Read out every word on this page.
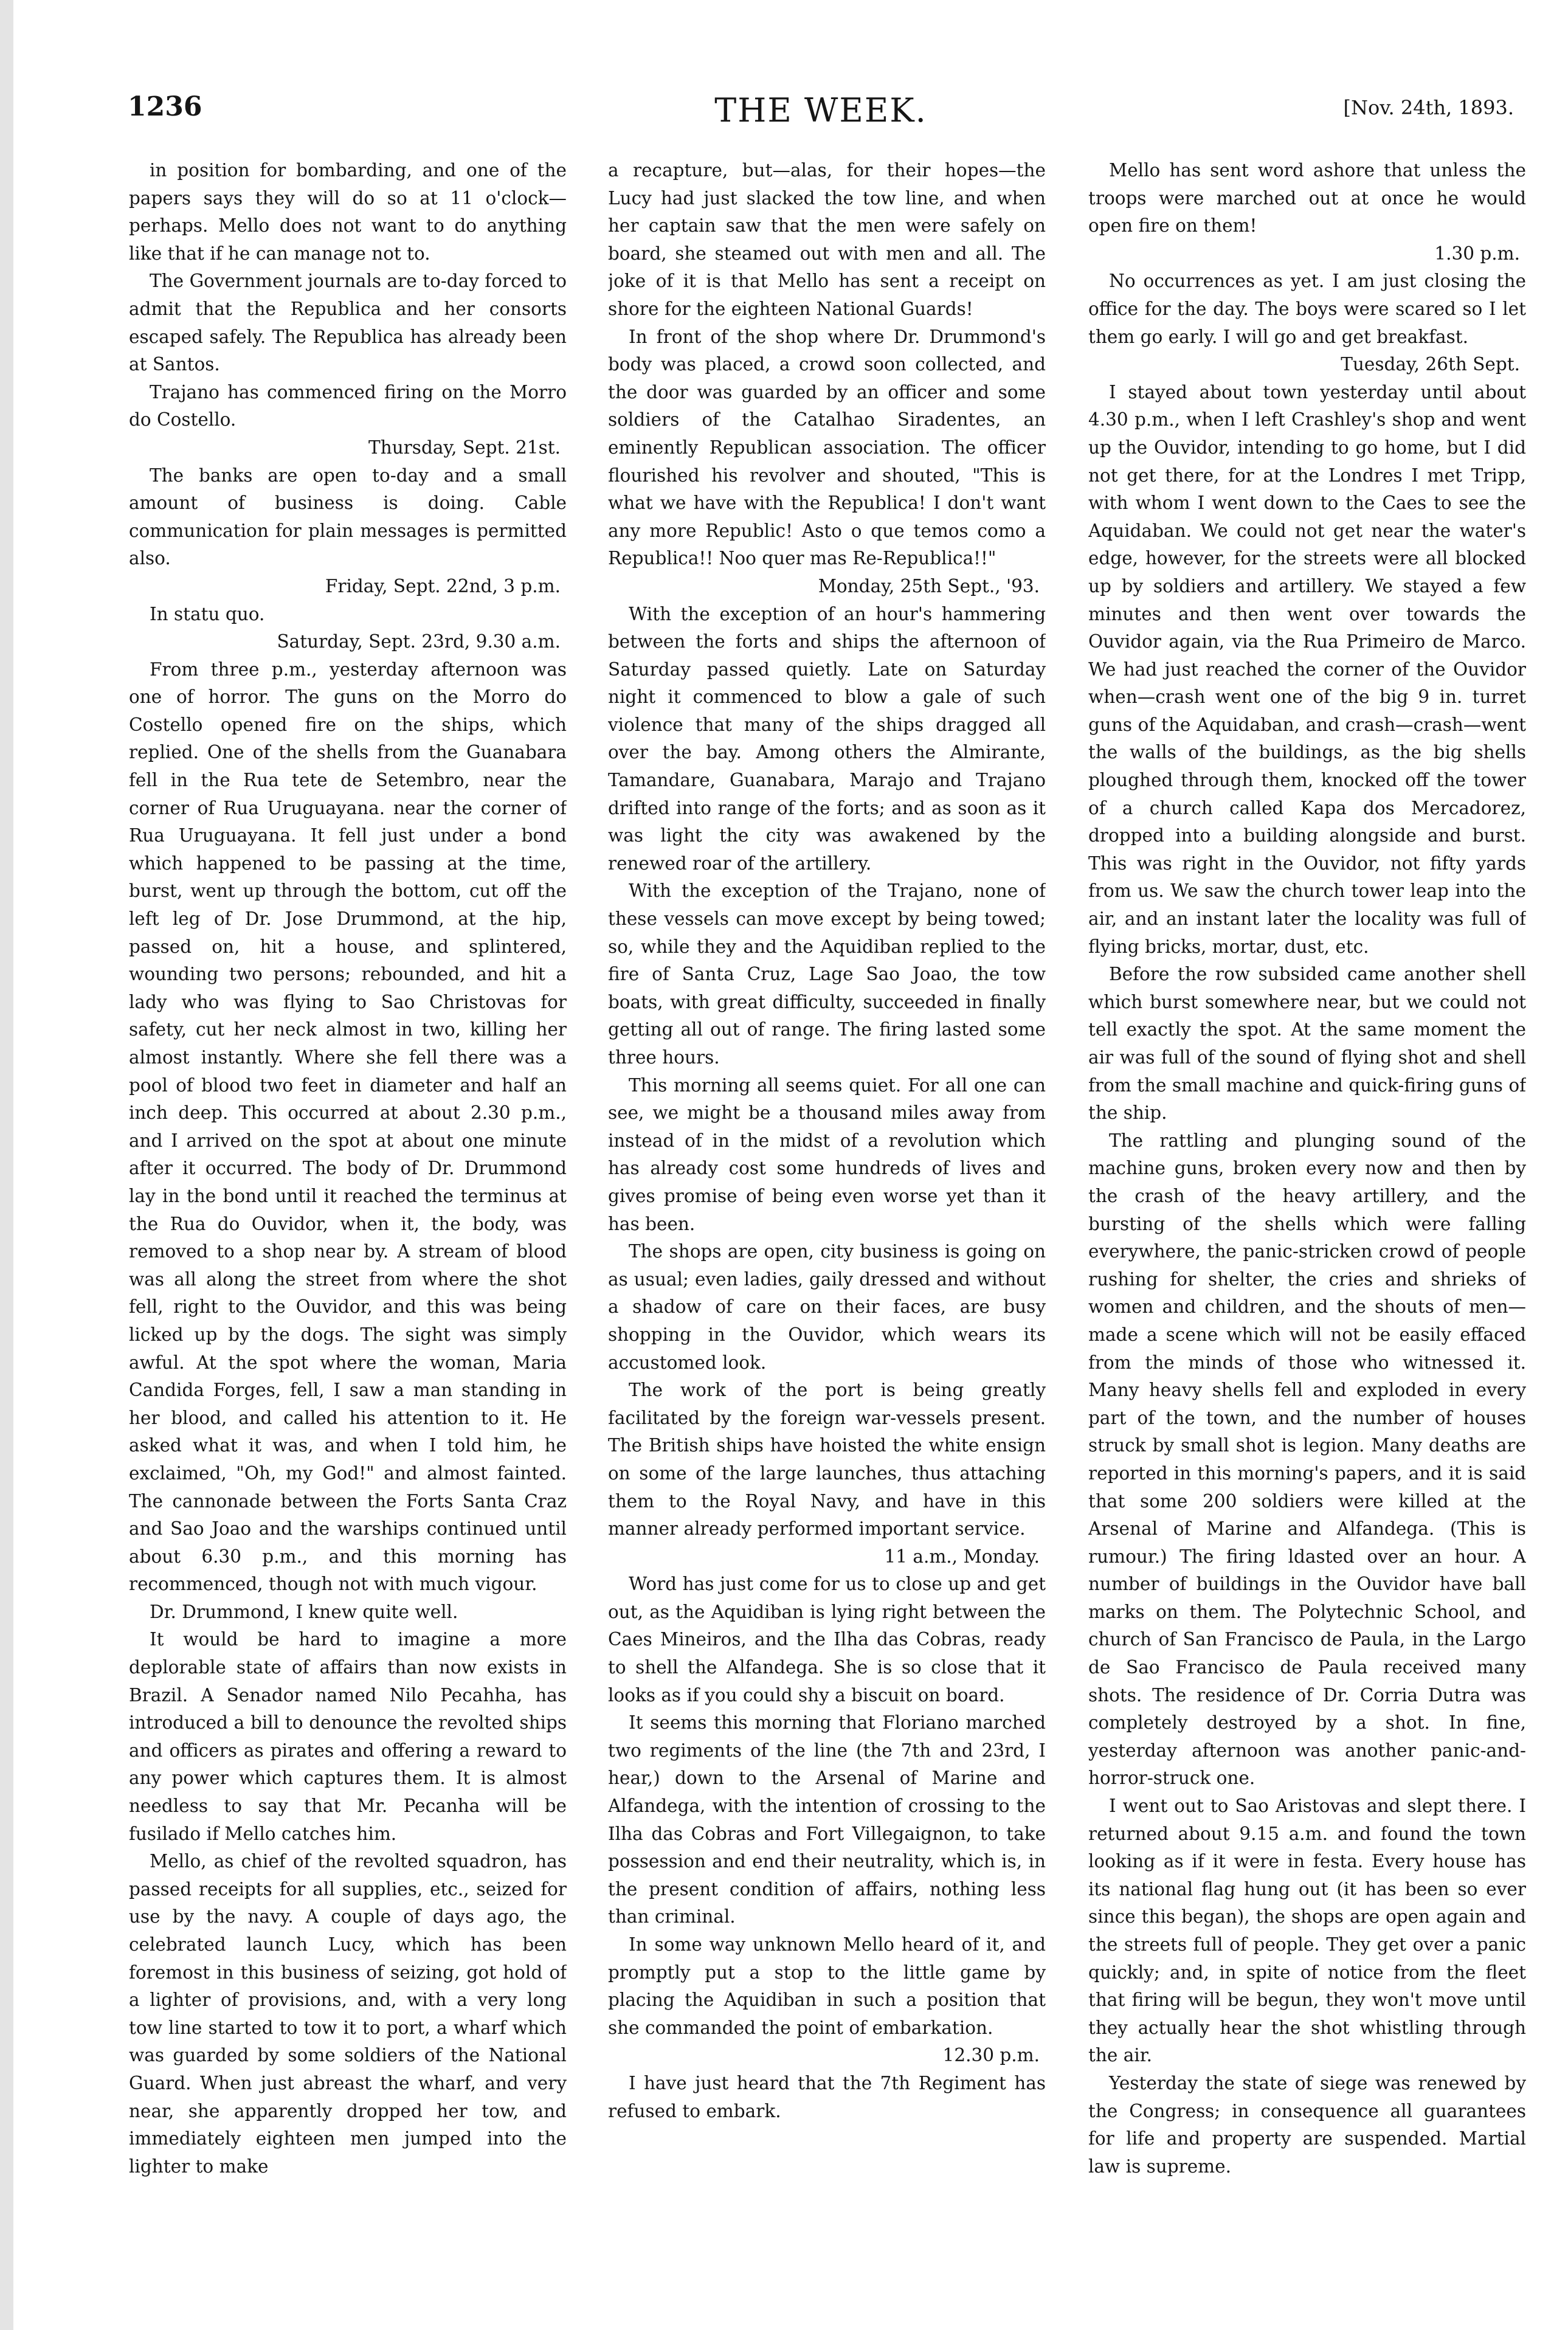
1236	THE WEEK.	[Nov. 24th, 1893.

in position for bombarding, and one of the papers says they will do so at 11 o'clock—perhaps. Mello does not want to do anything like that if he can manage not to.

The Government journals are to-day forced to admit that the Republica and her consorts escaped safely. The Republica has already been at Santos.

Trajano has commenced firing on the Morro do Costello.

Thursday, Sept. 21st.

The banks are open to-day and a small amount of business is doing. Cable communication for plain messages is permitted also.

Friday, Sept. 22nd, 3 p.m.

In statu quo.

Saturday, Sept. 23rd, 9.30 a.m.

From three p.m., yesterday afternoon was one of horror. The guns on the Morro do Costello opened fire on the ships, which replied. One of the shells from the Guanabara fell in the Rua tete de Setembro, near the corner of Rua Uruguayana. near the corner of Rua Uruguayana. It fell just under a bond which happened to be passing at the time, burst, went up through the bottom, cut off the left leg of Dr. Jose Drummond, at the hip, passed on, hit a house, and splintered, wounding two persons; rebounded, and hit a lady who was flying to Sao Christovas for safety, cut her neck almost in two, killing her almost instantly. Where she fell there was a pool of blood two feet in diameter and half an inch deep. This occurred at about 2.30 p.m., and I arrived on the spot at about one minute after it occurred. The body of Dr. Drummond lay in the bond until it reached the terminus at the Rua do Ouvidor, when it, the body, was removed to a shop near by. A stream of blood was all along the street from where the shot fell, right to the Ouvidor, and this was being licked up by the dogs. The sight was simply awful. At the spot where the woman, Maria Candida Forges, fell, I saw a man standing in her blood, and called his attention to it. He asked what it was, and when I told him, he exclaimed, "Oh, my God!" and almost fainted. The cannonade between the Forts Santa Craz and Sao Joao and the warships continued until about 6.30 p.m., and this morning has recommenced, though not with much vigour.

Dr. Drummond, I knew quite well.

It would be hard to imagine a more deplorable state of affairs than now exists in Brazil. A Senador named Nilo Pecahha, has introduced a bill to denounce the revolted ships and officers as pirates and offering a reward to any power which captures them. It is almost needless to say that Mr. Pecanha will be fusilado if Mello catches him.

Mello, as chief of the revolted squadron, has passed receipts for all supplies, etc., seized for use by the navy. A couple of days ago, the celebrated launch Lucy, which has been foremost in this business of seizing, got hold of a lighter of provisions, and, with a very long tow line started to tow it to port, a wharf which was guarded by some soldiers of the National Guard. When just abreast the wharf, and very near, she apparently dropped her tow, and immediately eighteen men jumped into the lighter to make

a recapture, but—alas, for their hopes—the Lucy had just slacked the tow line, and when her captain saw that the men were safely on board, she steamed out with men and all. The joke of it is that Mello has sent a receipt on shore for the eighteen National Guards!

In front of the shop where Dr. Drummond's body was placed, a crowd soon collected, and the door was guarded by an officer and some soldiers of the Catalhao Siradentes, an eminently Republican association. The officer flourished his revolver and shouted, "This is what we have with the Republica! I don't want any more Republic! Asto o que temos como a Republica!! Noo quer mas Re-Republica!!"

Monday, 25th Sept., '93.

With the exception of an hour's hammering between the forts and ships the afternoon of Saturday passed quietly. Late on Saturday night it commenced to blow a gale of such violence that many of the ships dragged all over the bay. Among others the Almirante, Tamandare, Guanabara, Marajo and Trajano drifted into range of the forts; and as soon as it was light the city was awakened by the renewed roar of the artillery.

With the exception of the Trajano, none of these vessels can move except by being towed; so, while they and the Aquidiban replied to the fire of Santa Cruz, Lage Sao Joao, the tow boats, with great difficulty, succeeded in finally getting all out of range. The firing lasted some three hours.

This morning all seems quiet. For all one can see, we might be a thousand miles away from instead of in the midst of a revolution which has already cost some hundreds of lives and gives promise of being even worse yet than it has been.

The shops are open, city business is going on as usual; even ladies, gaily dressed and without a shadow of care on their faces, are busy shopping in the Ouvidor, which wears its accustomed look.

The work of the port is being greatly facilitated by the foreign war-vessels present. The British ships have hoisted the white ensign on some of the large launches, thus attaching them to the Royal Navy, and have in this manner already performed important service.

11 a.m., Monday.

Word has just come for us to close up and get out, as the Aquidiban is lying right between the Caes Mineiros, and the Ilha das Cobras, ready to shell the Alfandega. She is so close that it looks as if you could shy a biscuit on board.

It seems this morning that Floriano marched two regiments of the line (the 7th and 23rd, I hear,) down to the Arsenal of Marine and Alfandega, with the intention of crossing to the Ilha das Cobras and Fort Villegaignon, to take possession and end their neutrality, which is, in the present condition of affairs, nothing less than criminal.

In some way unknown Mello heard of it, and promptly put a stop to the little game by placing the Aquidiban in such a position that she commanded the point of embarkation.

12.30 p.m.

I have just heard that the 7th Regiment has refused to embark.

Mello has sent word ashore that unless the troops were marched out at once he would open fire on them!

1.30 p.m.

No occurrences as yet. I am just closing the office for the day. The boys were scared so I let them go early. I will go and get breakfast.

Tuesday, 26th Sept.

I stayed about town yesterday until about 4.30 p.m., when I left Crashley's shop and went up the Ouvidor, intending to go home, but I did not get there, for at the Londres I met Tripp, with whom I went down to the Caes to see the Aquidaban. We could not get near the water's edge, however, for the streets were all blocked up by soldiers and artillery. We stayed a few minutes and then went over towards the Ouvidor again, via the Rua Primeiro de Marco. We had just reached the corner of the Ouvidor when—crash went one of the big 9 in. turret guns of the Aquidaban, and crash—crash—went the walls of the buildings, as the big shells ploughed through them, knocked off the tower of a church called Kapa dos Mercadorez, dropped into a building alongside and burst. This was right in the Ouvidor, not fifty yards from us. We saw the church tower leap into the air, and an instant later the locality was full of flying bricks, mortar, dust, etc.

Before the row subsided came another shell which burst somewhere near, but we could not tell exactly the spot. At the same moment the air was full of the sound of flying shot and shell from the small machine and quick-firing guns of the ship.

The rattling and plunging sound of the machine guns, broken every now and then by the crash of the heavy artillery, and the bursting of the shells which were falling everywhere, the panic-stricken crowd of people rushing for shelter, the cries and shrieks of women and children, and the shouts of men—made a scene which will not be easily effaced from the minds of those who witnessed it. Many heavy shells fell and exploded in every part of the town, and the number of houses struck by small shot is legion. Many deaths are reported in this morning's papers, and it is said that some 200 soldiers were killed at the Arsenal of Marine and Alfandega. (This is rumour.) The firing ldasted over an hour. A number of buildings in the Ouvidor have ball marks on them. The Polytechnic School, and church of San Francisco de Paula, in the Largo de Sao Francisco de Paula received many shots. The residence of Dr. Corria Dutra was completely destroyed by a shot. In fine, yesterday afternoon was another panic-and-horror-struck one.

I went out to Sao Aristovas and slept there. I returned about 9.15 a.m. and found the town looking as if it were in festa. Every house has its national flag hung out (it has been so ever since this began), the shops are open again and the streets full of people. They get over a panic quickly; and, in spite of notice from the fleet that firing will be begun, they won't move until they actually hear the shot whistling through the air.

Yesterday the state of siege was renewed by the Congress; in consequence all guarantees for life and property are suspended. Martial law is supreme.
